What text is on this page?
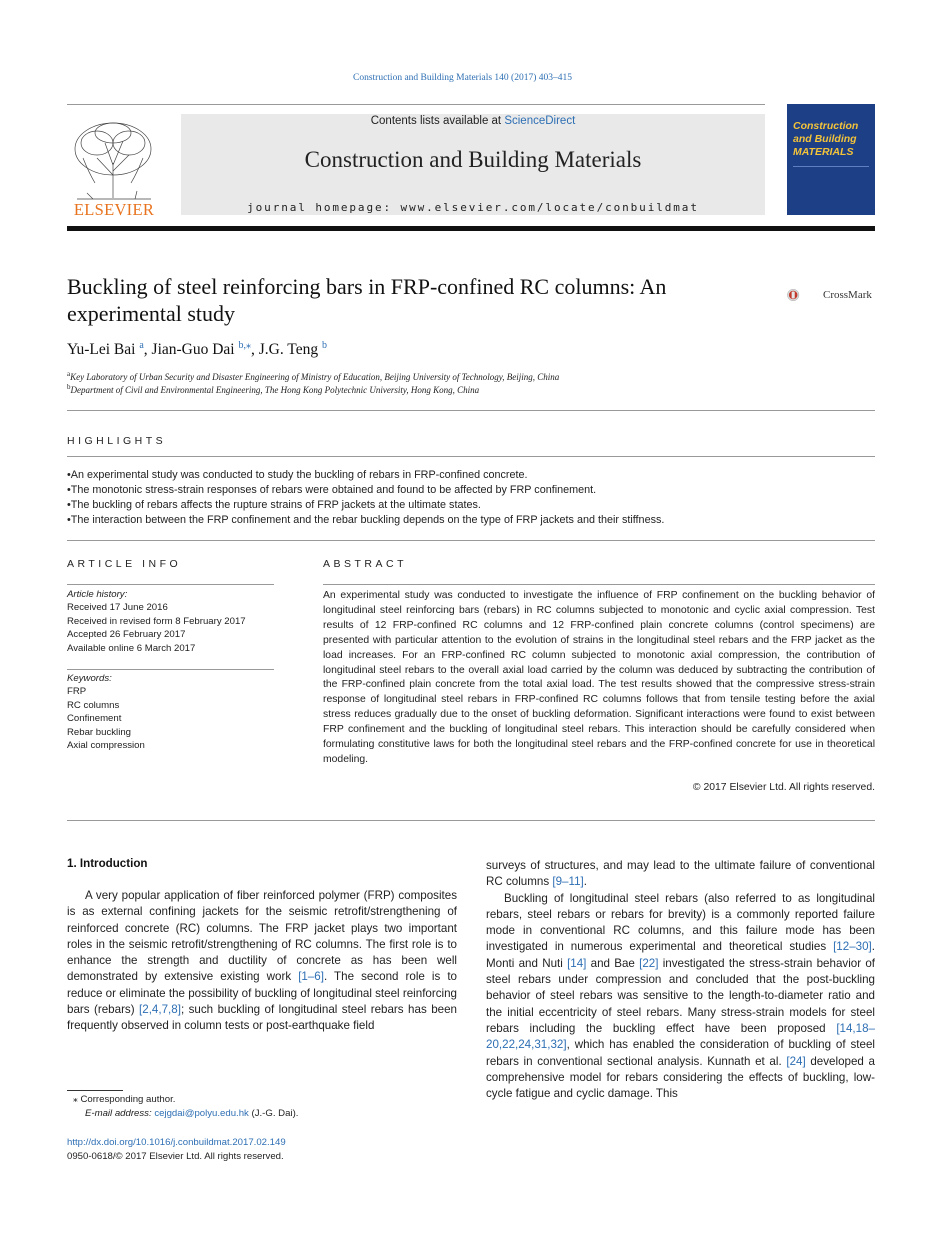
Construction and Building Materials 140 (2017) 403–415
ELSEVIER
Contents lists available at ScienceDirect
Construction and Building Materials
journal homepage: www.elsevier.com/locate/conbuildmat
Construction and Building MATERIALS
Buckling of steel reinforcing bars in FRP-confined RC columns: An experimental study
CrossMark
Yu-Lei Bai $^a$, Jian-Guo Dai $^{b,⁎}$, J.G. Teng $^b$
$^a$Key Laboratory of Urban Security and Disaster Engineering of Ministry of Education, Beijing University of Technology, Beijing, China
$^b$Department of Civil and Environmental Engineering, The Hong Kong Polytechnic University, Hong Kong, China
HIGHLIGHTS
• An experimental study was conducted to study the buckling of rebars in FRP-confined concrete.
• The monotonic stress-strain responses of rebars were obtained and found to be affected by FRP confinement.
• The buckling of rebars affects the rupture strains of FRP jackets at the ultimate states.
• The interaction between the FRP confinement and the rebar buckling depends on the type of FRP jackets and their stiffness.
ARTICLE INFO
Article history:
Received 17 June 2016
Received in revised form 8 February 2017
Accepted 26 February 2017
Available online 6 March 2017
Keywords:
FRP
RC columns
Confinement
Rebar buckling
Axial compression
ABSTRACT
An experimental study was conducted to investigate the influence of FRP confinement on the buckling behavior of longitudinal steel reinforcing bars (rebars) in RC columns subjected to monotonic and cyclic axial compression. Test results of 12 FRP-confined RC columns and 12 FRP-confined plain concrete columns (control specimens) are presented with particular attention to the evolution of strains in the longitudinal steel rebars and the FRP jacket as the load increases. For an FRP-confined RC column subjected to monotonic axial compression, the contribution of longitudinal steel rebars to the overall axial load carried by the column was deduced by subtracting the contribution of the FRP-confined plain concrete from the total axial load. The test results showed that the compressive stress-strain response of longitudinal steel rebars in FRP-confined RC columns follows that from tensile testing before the axial stress reduces gradually due to the onset of buckling deformation. Significant interactions were found to exist between FRP confinement and the buckling of longitudinal steel rebars. This interaction should be carefully considered when formulating constitutive laws for both the longitudinal steel rebars and the FRP-confined concrete for use in theoretical modeling.
© 2017 Elsevier Ltd. All rights reserved.
1. Introduction

A very popular application of fiber reinforced polymer (FRP) composites is as external confining jackets for the seismic retrofit/strengthening of reinforced concrete (RC) columns. The FRP jacket plays two important roles in the seismic retrofit/strengthening of RC columns. The first role is to enhance the strength and ductility of concrete as has been well demonstrated by extensive existing work [1–6]. The second role is to reduce or eliminate the possibility of buckling of longitudinal steel reinforcing bars (rebars) [2,4,7,8]; such buckling of longitudinal steel rebars has been frequently observed in column tests or post-earthquake field

surveys of structures, and may lead to the ultimate failure of conventional RC columns [9–11].

Buckling of longitudinal steel rebars (also referred to as longitudinal rebars, steel rebars or rebars for brevity) is a commonly reported failure mode in conventional RC columns, and this failure mode has been investigated in numerous experimental and theoretical studies [12–30]. Monti and Nuti [14] and Bae [22] investigated the stress-strain behavior of steel rebars under compression and concluded that the post-buckling behavior of steel rebars was sensitive to the length-to-diameter ratio and the initial eccentricity of steel rebars. Many stress-strain models for steel rebars including the buckling effect have been proposed [14,18–20,22,24,31,32], which has enabled the consideration of buckling of steel rebars in conventional sectional analysis. Kunnath et al. [24] developed a comprehensive model for rebars considering the effects of buckling, low-cycle fatigue and cyclic damage. This

⁎ Corresponding author.
E-mail address: cejgdai@polyu.edu.hk (J.-G. Dai).
http://dx.doi.org/10.1016/j.conbuildmat.2017.02.149
0950-0618/© 2017 Elsevier Ltd. All rights reserved.
